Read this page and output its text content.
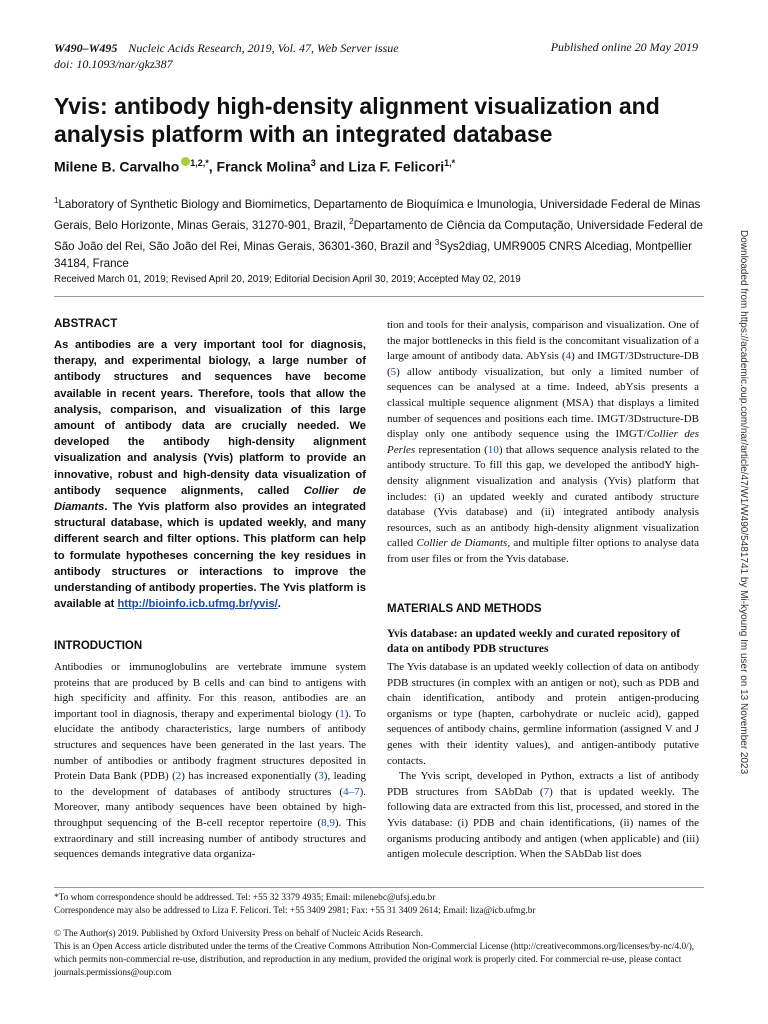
W490–W495 Nucleic Acids Research, 2019, Vol. 47, Web Server issue
doi: 10.1093/nar/gkz387
Published online 20 May 2019
Yvis: antibody high-density alignment visualization and analysis platform with an integrated database
Milene B. Carvalho $^{1,2,*}$, Franck Molina$^3$ and Liza F. Felicori$^{1,*}$
$^1$Laboratory of Synthetic Biology and Biomimetics, Departamento de Bioquímica e Imunologia, Universidade Federal de Minas Gerais, Belo Horizonte, Minas Gerais, 31270-901, Brazil, $^2$Departamento de Ciência da Computação, Universidade Federal de São João del Rei, São João del Rei, Minas Gerais, 36301-360, Brazil and $^3$Sys2diag, UMR9005 CNRS Alcediag, Montpellier 34184, France
Received March 01, 2019; Revised April 20, 2019; Editorial Decision April 30, 2019; Accepted May 02, 2019
ABSTRACT
As antibodies are a very important tool for diagnosis, therapy, and experimental biology, a large number of antibody structures and sequences have become available in recent years. Therefore, tools that allow the analysis, comparison, and visualization of this large amount of antibody data are crucially needed. We developed the antibody high-density alignment visualization and analysis (Yvis) platform to provide an innovative, robust and high-density data visualization of antibody sequence alignments, called Collier de Diamants. The Yvis platform also provides an integrated structural database, which is updated weekly, and many different search and filter options. This platform can help to formulate hypotheses concerning the key residues in antibody structures or interactions to improve the understanding of antibody properties. The Yvis platform is available at http://bioinfo.icb.ufmg.br/yvis/.
INTRODUCTION
Antibodies or immunoglobulins are vertebrate immune system proteins that are produced by B cells and can bind to antigens with high specificity and affinity. For this reason, antibodies are an important tool in diagnosis, therapy and experimental biology (1). To elucidate the antibody characteristics, large numbers of antibody structures and sequences have been generated in the last years. The number of antibodies or antibody fragment structures deposited in Protein Data Bank (PDB) (2) has increased exponentially (3), leading to the development of databases of antibody structures (4–7). Moreover, many antibody sequences have been obtained by high-throughput sequencing of the B-cell receptor repertoire (8,9). This extraordinary and still increasing number of antibody structures and sequences demands integrative data organiza-
tion and tools for their analysis, comparison and visualization. One of the major bottlenecks in this field is the concomitant visualization of a large amount of antibody data. AbYsis (4) and IMGT/3Dstructure-DB (5) allow antibody visualization, but only a limited number of sequences can be analysed at a time. Indeed, abYsis presents a classical multiple sequence alignment (MSA) that displays a limited number of sequences and positions each time. IMGT/3Dstructure-DB display only one antibody sequence using the IMGT/Collier des Perles representation (10) that allows sequence analysis related to the antibody structure. To fill this gap, we developed the antibodY high-density alignment visualization and analysis (Yvis) platform that includes: (i) an updated weekly and curated antibody structure database (Yvis database) and (ii) integrated antibody analysis resources, such as an antibody high-density alignment visualization called Collier de Diamants, and multiple filter options to analyse data from user files or from the Yvis database.
MATERIALS AND METHODS
Yvis database: an updated weekly and curated repository of data on antibody PDB structures
The Yvis database is an updated weekly collection of data on antibody PDB structures (in complex with an antigen or not), such as PDB and chain identification, antibody and protein antigen-producing organisms or type (hapten, carbohydrate or nucleic acid), gapped sequences of antibody chains, germline information (assigned V and J genes with their identity values), and antigen-antibody putative contacts.
The Yvis script, developed in Python, extracts a list of antibody PDB structures from SAbDab (7) that is updated weekly. The following data are extracted from this list, processed, and stored in the Yvis database: (i) PDB and chain identifications, (ii) names of the organisms producing antibody and antigen (when applicable) and (iii) antigen molecule description. When the SAbDab list does
*To whom correspondence should be addressed. Tel: +55 32 3379 4935; Email: milenebc@ufsj.edu.br
Correspondence may also be addressed to Liza F. Felicori. Tel: +55 3409 2981; Fax: +55 31 3409 2614; Email: liza@icb.ufmg.br
© The Author(s) 2019. Published by Oxford University Press on behalf of Nucleic Acids Research.
This is an Open Access article distributed under the terms of the Creative Commons Attribution Non-Commercial License (http://creativecommons.org/licenses/by-nc/4.0/), which permits non-commercial re-use, distribution, and reproduction in any medium, provided the original work is properly cited. For commercial re-use, please contact journals.permissions@oup.com
Downloaded from https://academic.oup.com/nar/article/47/W1/W490/5481741 by Mi-kyoung Im user on 13 November 2023
